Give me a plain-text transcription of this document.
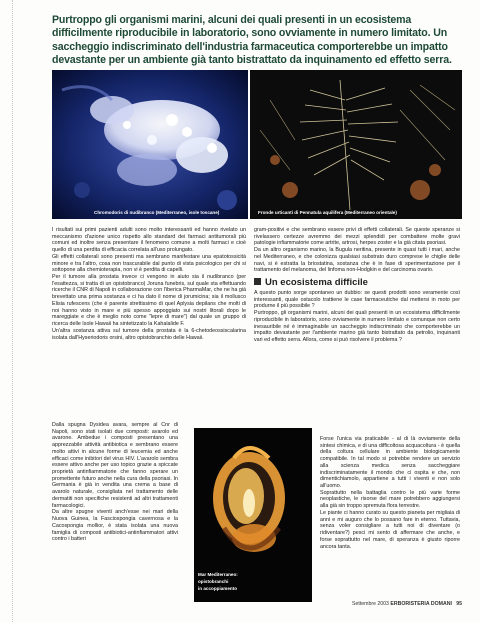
Purtroppo gli organismi marini, alcuni dei quali presenti in un ecosistema difficilmente riproducibile in laboratorio, sono ovviamente in numero limitato. Un saccheggio indiscriminato dell'industria farmaceutica comporterebbe un impatto devastante per un ambiente già tanto bistrattato da inquinamento ed effetto serra.
Chromodoris di nudibranco (Mediterraneo, isole toscane)	Fronde urticanti di Pennatula aquilifera (Mediterraneo orientale)

I risultati sui primi pazienti adulti sono molto interessanti ed hanno rivelato un meccanismo d'azione unico rispetto allo standard dei farmaci antitumorali più comuni ed inoltre senza presentare il fenomeno comune a molti farmaci e cioè quello di una perdita di efficacia correlata all'uso prolungato.

Gli effetti collaterali sono presenti ma sembrano manifestare una epatotossicità minore e tra l'altro, cosa non trascurabile dal punto di vista psicologico per chi si sottopone alla chemioterapia, non vi è perdita di capelli.

Per il tumore alla prostata invece ci vengono in aiuto sia il nudibranco (per l'esattezza, si tratta di un opistobranco) Joruna funebris, sul quale sta effettuando ricerche il CNR di Napoli in collaborazione con l'iberica PharmaMar, che ne ha già brevettato una prima sostanza e ci ha dato il nome di jorumicina; sia il mollusco Elisia rufescens (che è parente strettissimo di quel Aplysia depilans che molti di noi hanno visto in mare e più spesso appoggiato sui nostri litorali dopo le mareggiate e che è meglio noto come "lepre di mare") dal quale un gruppo di ricerca delle Isole Hawaii ha sintetizzato la Kahalalide F.

Un'altra sostanza attiva sul tumore della prostata è la 6-chetodeossiscalarina isolata dall'Hyseriodoris orsini, altro opistobranchio delle Hawaii.

Dalla spugna Dysidea avara, sempre al Cnr di Napoli, sono stati isolati due composti: avarolo ed avarone. Ambedue i composti presentano una apprezzabile attività antibiotica e sembrano essere molto attivi in alcune forme di leucemia ed anche efficaci come inibitori del virus HIV. L'avarolo sembra essere attivo anche per uso topico grazie a spiccate proprietà antinfiammatorie che fanno sperare un promettente futuro anche nella cura della psoriasi. In Germania è già in vendita una crema a base di avarolo naturale, consigliata nel trattamento delle dermatiti non specifiche resistenti ad altri trattamenti farmacologici.

Da altre spugne viventi anch'esse nei mari della Nuova Guinea, la Fasciospongia cavernosa e la Cacospongia mollior, è stata isolata una nuova famiglia di composti antibiotici-antinfiammatori attivi contro i batteri

Mar Mediterraneo:
opistobranchi
in accoppiamento

gram-positivi e che sembrano essere privi di effetti collaterali. Se queste speranze si rivelassero certezze avremmo dei mezzi splendidi per combattere molte gravi patologie infiammatorie come artrite, artrosi, herpes zoster e la già citata psoriasi.

Da un altro organismo marino, la Bugula neritina, presente in quasi tutti i mari, anche nel Mediterraneo, e che colonizza qualsiasi substrato duro comprese le chiglie delle navi, si è estratta la briostatina, sostanza che è in fase di sperimentazione per il trattamento del melanoma, del linfoma non-Hodgkin e del carcinoma ovario.

Un ecosistema difficile

A questo punto sorge spontaneo un dubbio: se questi prodotti sono veramente così interessanti, quale ostacolo trattiene le case farmaceutiche dal mettersi in moto per produrne il più possibile ?

Purtroppo, gli organismi marini, alcuni dei quali presenti in un ecosistema difficilmente riproducibile in laboratorio, sono ovviamente in numero limitato e comunque non certo inesauribile né è immaginabile un saccheggio indiscriminato che comporterebbe un impatto devastante per l'ambiente marino già tanto bistrattato da petrolio, inquinanti vari ed effetto serra. Allora, come si può risolvere il problema ?

Forse l'unica via praticabile - al di là ovviamente della sintesi chimica, e di una difficoltosa acquacoltura - è quella della coltura cellulare in ambiente biologicamente compatibile. In tal modo si potrebbe rendere un servizio alla scienza medica senza saccheggiare indiscriminatamente il mondo che ci ospita e che, non dimentichiamolo, appartiene a tutti i viventi e non solo all'uomo.

Soprattutto nella battaglia contro le più varie forme neoplastiche, le risorse del mare potrebbero aggiungersi alla già sin troppo spremuta flora terrestre.

Le piante ci hanno curato su questo pianeta per migliaia di anni e mi auguro che lo possano fare in eterno. Tuttavia, senza voler consigliare a tutti noi di diventare (o ridiventare?) pesci mi sento di affermare che anche, e forse soprattutto nel mare, di speranza è giusto riporre ancora tanta.

Settembre 2003 ERBORISTERIA DOMANI 95
